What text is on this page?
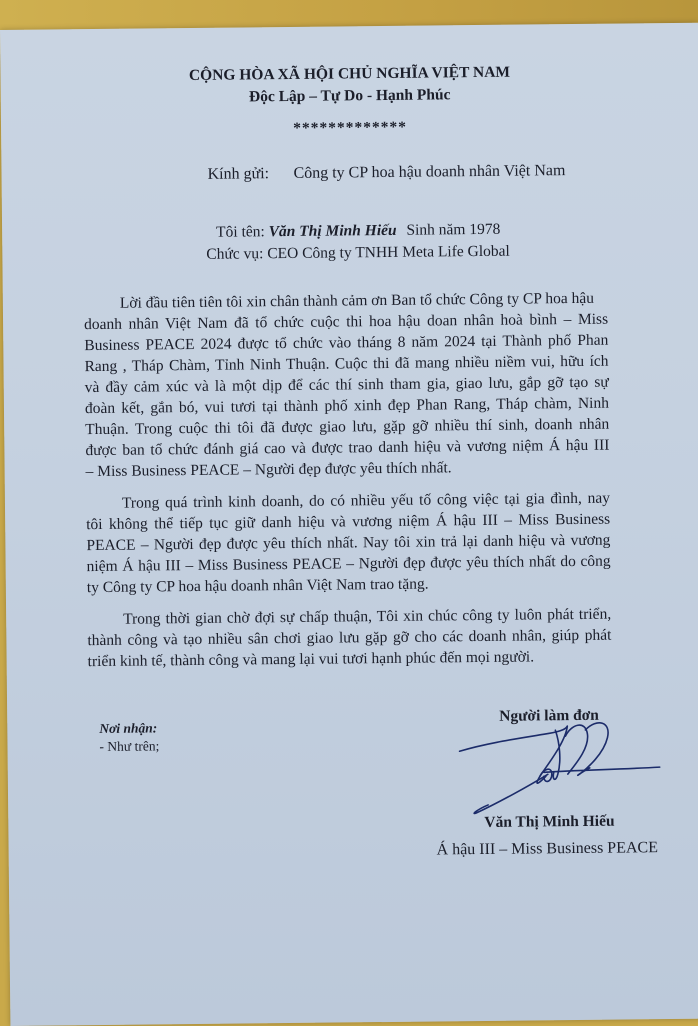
CỘNG HÒA XÃ HỘI CHỦ NGHĨA VIỆT NAM
Độc Lập – Tự Do - Hạnh Phúc
*************
Kính gửi: Công ty CP hoa hậu doanh nhân Việt Nam
Tôi tên: Văn Thị Minh Hiếu Sinh năm 1978
Chức vụ: CEO Công ty TNHH Meta Life Global
Lời đầu tiên tiên tôi xin chân thành cảm ơn Ban tổ chức Công ty CP hoa hậu
doanh nhân Việt Nam đã tổ chức cuộc thi hoa hậu doan nhân hoà bình – Miss
Business PEACE 2024 được tổ chức vào tháng 8 năm 2024 tại Thành phố Phan
Rang , Tháp Chàm, Tỉnh Ninh Thuận. Cuộc thi đã mang nhiều niềm vui, hữu ích
và đầy cảm xúc và là một dịp để các thí sinh tham gia, giao lưu, gắp gỡ tạo sự
đoàn kết, gắn bó, vui tươi tại thành phố xinh đẹp Phan Rang, Tháp chàm, Ninh
Thuận. Trong cuộc thi tôi đã được giao lưu, gặp gỡ nhiều thí sinh, doanh nhân
được ban tổ chức đánh giá cao và được trao danh hiệu và vương niệm Á hậu III
– Miss Business PEACE – Người đẹp được yêu thích nhất.
Trong quá trình kinh doanh, do có nhiều yếu tố công việc tại gia đình, nay
tôi không thể tiếp tục giữ danh hiệu và vương niệm Á hậu III – Miss Business
PEACE – Người đẹp được yêu thích nhất. Nay tôi xin trả lại danh hiệu và vương
niệm Á hậu III – Miss Business PEACE – Người đẹp được yêu thích nhất do công
ty Công ty CP hoa hậu doanh nhân Việt Nam trao tặng.
Trong thời gian chờ đợi sự chấp thuận, Tôi xin chúc công ty luôn phát triển,
thành công và tạo nhiều sân chơi giao lưu gặp gỡ cho các doanh nhân, giúp phát
triển kinh tế, thành công và mang lại vui tươi hạnh phúc đến mọi người.
Nơi nhận:
- Như trên;
Người làm đơn
Văn Thị Minh Hiếu
Á hậu III – Miss Business PEACE
